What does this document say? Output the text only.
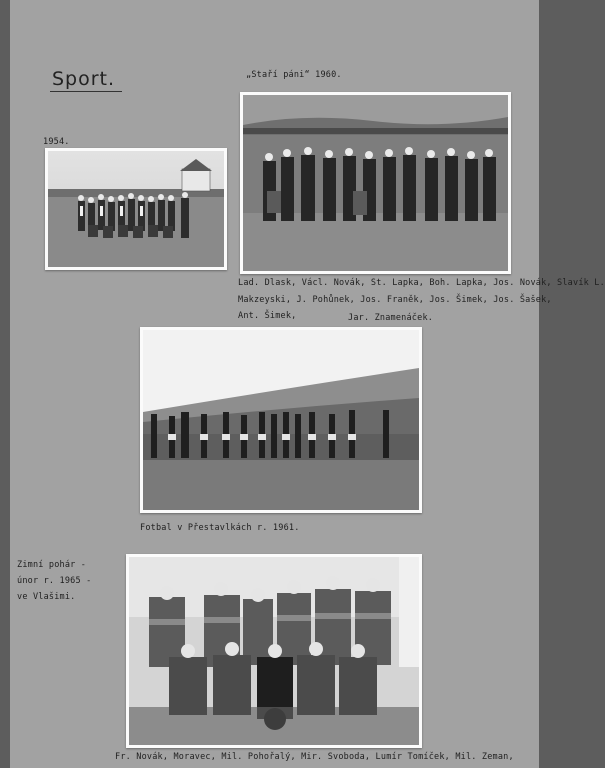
Sport.
1954.
„Staří páni“ 1960.
Lad. Dlask, Václ. Novák, St. Lapka, Boh. Lapka, Jos. Novák, Slavík L.
Makzeyski, J. Pohůnek, Jos. Franěk, Jos. Šimek, Jos. Šašek,
Ant. Šimek,	Jar. Znamenáček.
Fotbal v Přestavlkách r. 1961.
Zimní pohár -
únor r. 1965 -
ve Vlašimi.
Fr. Novák, Moravec, Mil. Pohořalý, Mir. Svoboda, Lumír Tomíček, Mil. Zeman,
